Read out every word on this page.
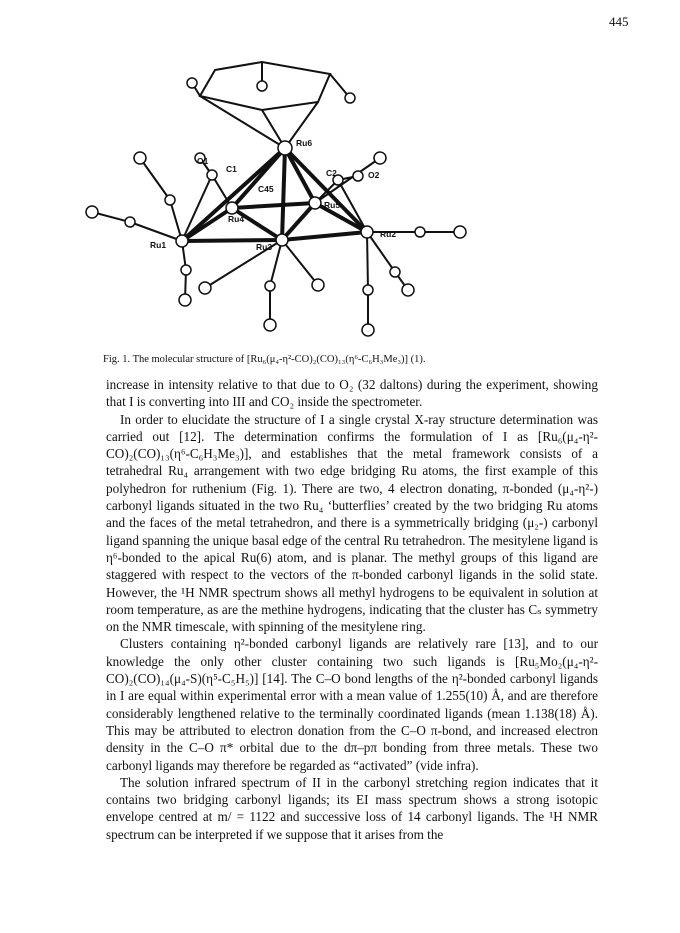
445
Ru6
O1
C1
C45
C2	O2
Ru5
Ru4
Ru1	Ru3
Ru2
Fig. 1. The molecular structure of [Ru₆(μ₄-η²-CO)₂(CO)₁₃(η⁶-C₆H₃Me₃)] (1).

increase in intensity relative to that due to O₂ (32 daltons) during the experiment, showing that I is converting into III and CO₂ inside the spectrometer.

In order to elucidate the structure of I a single crystal X-ray structure determination was carried out [12]. The determination confirms the formulation of I as [Ru₆(μ₄-η²-CO)₂(CO)₁₃(η⁶-C₆H₃Me₃)], and establishes that the metal framework consists of a tetrahedral Ru₄ arrangement with two edge bridging Ru atoms, the first example of this polyhedron for ruthenium (Fig. 1). There are two, 4 electron donating, π-bonded (μ₄-η²-) carbonyl ligands situated in the two Ru₄ ‘butterflies’ created by the two bridging Ru atoms and the faces of the metal tetrahedron, and there is a symmetrically bridging (μ₂-) carbonyl ligand spanning the unique basal edge of the central Ru tetrahedron. The mesitylene ligand is η⁶-bonded to the apical Ru(6) atom, and is planar. The methyl groups of this ligand are staggered with respect to the vectors of the π-bonded carbonyl ligands in the solid state. However, the ¹H NMR spectrum shows all methyl hydrogens to be equivalent in solution at room temperature, as are the methine hydrogens, indicating that the cluster has Cₛ symmetry on the NMR timescale, with spinning of the mesitylene ring.

Clusters containing η²-bonded carbonyl ligands are relatively rare [13], and to our knowledge the only other cluster containing two such ligands is [Ru₅Mo₂(μ₄-η²-CO)₂(CO)₁₄(μ₄-S)(η⁵-C₅H₅)] [14]. The C–O bond lengths of the η²-bonded carbonyl ligands in I are equal within experimental error with a mean value of 1.255(10) Å, and are therefore considerably lengthened relative to the terminally coordinated ligands (mean 1.138(18) Å). This may be attributed to electron donation from the C–O π-bond, and increased electron density in the C–O π* orbital due to the dπ–pπ bonding from three metals. These two carbonyl ligands may therefore be regarded as “activated” (vide infra).

The solution infrared spectrum of II in the carbonyl stretching region indicates that it contains two bridging carbonyl ligands; its EI mass spectrum shows a strong isotopic envelope centred at m/ = 1122 and successive loss of 14 carbonyl ligands. The ¹H NMR spectrum can be interpreted if we suppose that it arises from the
